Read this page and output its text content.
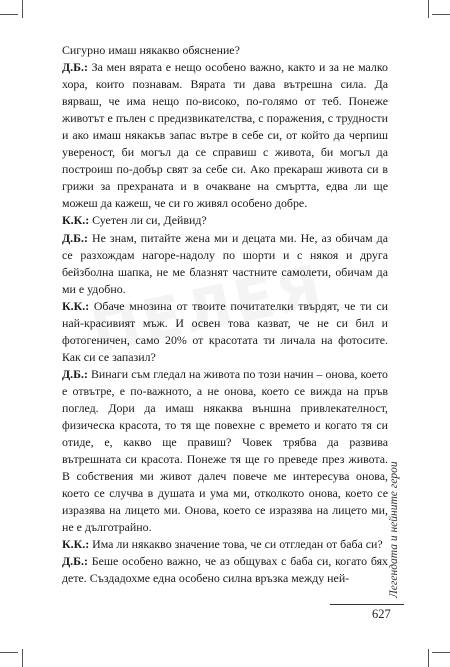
Сигурно имаш някакво обяснение?

Д.Б.: За мен вярата е нещо особено важно, както и за не малко хора, които познавам. Вярата ти дава вътрешна сила. Да вярваш, че има нещо по-високо, по-голямо от теб. Понеже животът е пълен с предизвикателства, с поражения, с трудности и ако имаш някакъв запас вътре в себе си, от който да черпиш увереност, би могъл да се справиш с живота, би могъл да построиш по-добър свят за себе си. Ако прекараш живота си в грижи за прехраната и в очакване на смъртта, едва ли ще можеш да кажеш, че си го живял особено добре.

К.К.: Суетен ли си, Дейвид?

Д.Б.: Не знам, питайте жена ми и децата ми. Не, аз обичам да се разхождам нагоре-надолу по шорти и с някоя и друга бейзболна шапка, не ме блазнят частните самолети, обичам да ми е удобно.

К.К.: Обаче мнозина от твоите почитателки твърдят, че ти си най-красивият мъж. И освен това казват, че не си бил и фотогеничен, само 20% от красотата ти личала на фотосите. Как си се запазил?

Д.Б.: Винаги съм гледал на живота по този начин – онова, което е отвътре, е по-важното, а не онова, което се вижда на пръв поглед. Дори да имаш някаква външна привлекателност, физическа красота, то тя ще повехне с времето и когато тя си отиде, е, какво ще правиш? Човек трябва да развива вътрешната си красота. Понеже тя ще го преведе през живота. В собствения ми живот далеч повече ме интересува онова, което се случва в душата и ума ми, отколкото онова, което се изразява на лицето ми. Онова, което се изразява на лицето ми, не е дълготрайно.

К.К.: Има ли някакво значение това, че си отгледан от баба си?

Д.Б.: Беше особено важно, че аз общувах с баба си, когато бях дете. Създадохме една особено силна връзка между ней-	Легендата и нейните герои
627
